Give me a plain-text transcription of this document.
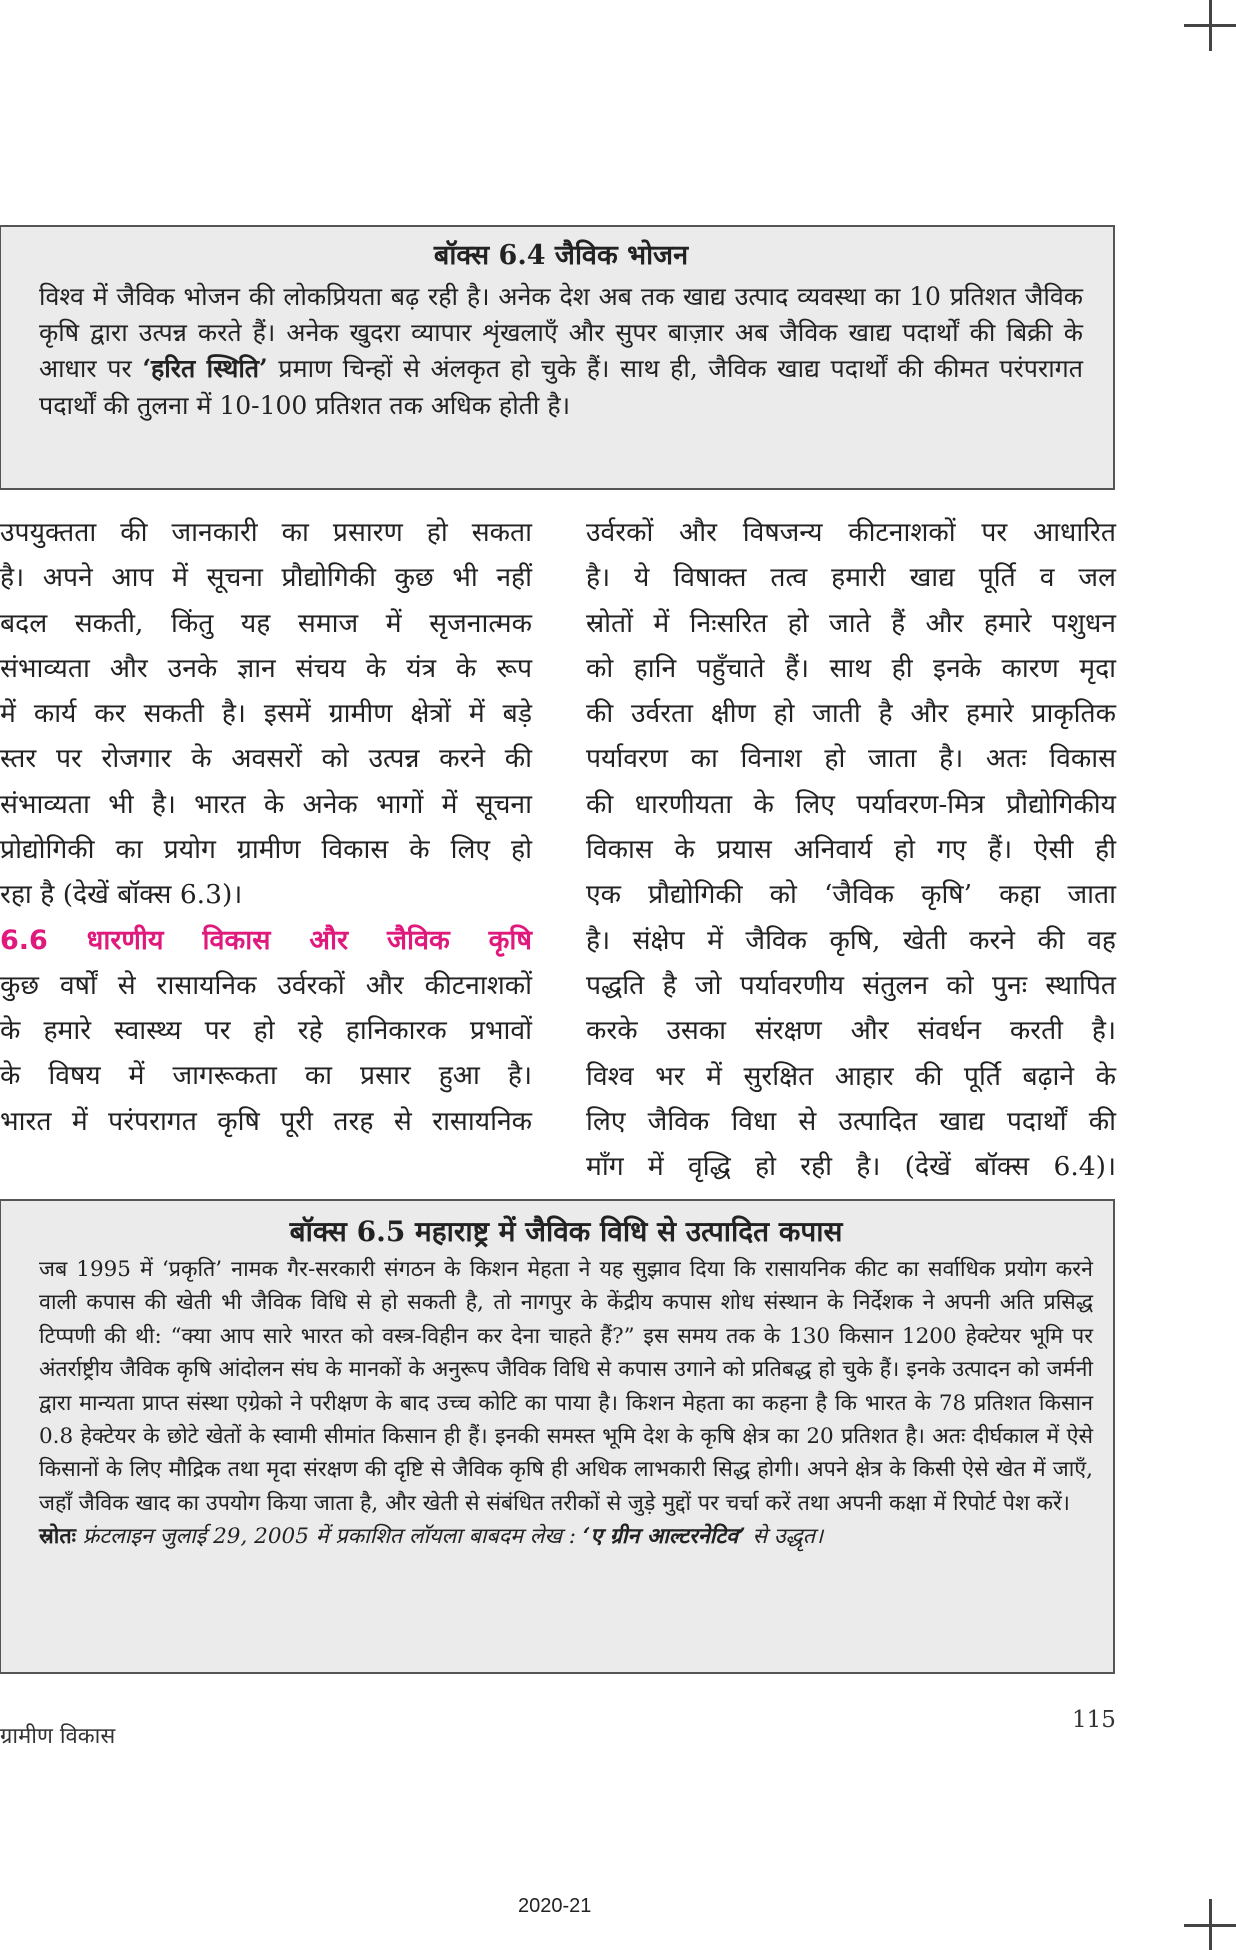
बॉक्स 6.4 जैविक भोजन
विश्व में जैविक भोजन की लोकप्रियता बढ़ रही है। अनेक देश अब तक खाद्य उत्पाद व्यवस्था का 10 प्रतिशत जैविक कृषि द्वारा उत्पन्न करते हैं। अनेक खुदरा व्यापार शृंखलाएँ और सुपर बाज़ार अब जैविक खाद्य पदार्थों की बिक्री के आधार पर ‘हरित स्थिति’ प्रमाण चिन्हों से अंलकृत हो चुके हैं। साथ ही, जैविक खाद्य पदार्थों की कीमत परंपरागत पदार्थों की तुलना में 10-100 प्रतिशत तक अधिक होती है।
उपयुक्तता की जानकारी का प्रसारण हो सकता
है। अपने आप में सूचना प्रौद्योगिकी कुछ भी नहीं
बदल सकती, किंतु यह समाज में सृजनात्मक
संभाव्यता और उनके ज्ञान संचय के यंत्र के रूप
में कार्य कर सकती है। इसमें ग्रामीण क्षेत्रों में बड़े
स्तर पर रोजगार के अवसरों को उत्पन्न करने की
संभाव्यता भी है। भारत के अनेक भागों में सूचना
प्रोद्योगिकी का प्रयोग ग्रामीण विकास के लिए हो
रहा है (देखें बॉक्स 6.3)।
6.6 धारणीय विकास और जैविक कृषि
कुछ वर्षों से रासायनिक उर्वरकों और कीटनाशकों
के हमारे स्वास्थ्य पर हो रहे हानिकारक प्रभावों
के विषय में जागरूकता का प्रसार हुआ है।
भारत में परंपरागत कृषि पूरी तरह से रासायनिक
उर्वरकों और विषजन्य कीटनाशकों पर आधारित
है। ये विषाक्त तत्व हमारी खाद्य पूर्ति व जल
स्रोतों में निःसरित हो जाते हैं और हमारे पशुधन
को हानि पहुँचाते हैं। साथ ही इनके कारण मृदा
की उर्वरता क्षीण हो जाती है और हमारे प्राकृतिक
पर्यावरण का विनाश हो जाता है। अतः विकास
की धारणीयता के लिए पर्यावरण-मित्र प्रौद्योगिकीय
विकास के प्रयास अनिवार्य हो गए हैं। ऐसी ही
एक प्रौद्योगिकी को ‘जैविक कृषि’ कहा जाता
है। संक्षेप में जैविक कृषि, खेती करने की वह
पद्धति है जो पर्यावरणीय संतुलन को पुनः स्थापित
करके उसका संरक्षण और संवर्धन करती है।
विश्व भर में सुरक्षित आहार की पूर्ति बढ़ाने के
लिए जैविक विधा से उत्पादित खाद्य पदार्थों की
माँग में वृद्धि हो रही है। (देखें बॉक्स 6.4)।
बॉक्स 6.5 महाराष्ट्र में जैविक विधि से उत्पादित कपास
जब 1995 में ‘प्रकृति’ नामक गैर-सरकारी संगठन के किशन मेहता ने यह सुझाव दिया कि रासायनिक कीट का सर्वाधिक प्रयोग करने वाली कपास की खेती भी जैविक विधि से हो सकती है, तो नागपुर के केंद्रीय कपास शोध संस्थान के निर्देशक ने अपनी अति प्रसिद्ध टिप्पणी की थी: “क्या आप सारे भारत को वस्त्र-विहीन कर देना चाहते हैं?” इस समय तक के 130 किसान 1200 हेक्टेयर भूमि पर अंतर्राष्ट्रीय जैविक कृषि आंदोलन संघ के मानकों के अनुरूप जैविक विधि से कपास उगाने को प्रतिबद्ध हो चुके हैं। इनके उत्पादन को जर्मनी द्वारा मान्यता प्राप्त संस्था एग्रेको ने परीक्षण के बाद उच्च कोटि का पाया है। किशन मेहता का कहना है कि भारत के 78 प्रतिशत किसान 0.8 हेक्टेयर के छोटे खेतों के स्वामी सीमांत किसान ही हैं। इनकी समस्त भूमि देश के कृषि क्षेत्र का 20 प्रतिशत है। अतः दीर्घकाल में ऐसे किसानों के लिए मौद्रिक तथा मृदा संरक्षण की दृष्टि से जैविक कृषि ही अधिक लाभकारी सिद्ध होगी। अपने क्षेत्र के किसी ऐसे खेत में जाएँ, जहाँ जैविक खाद का उपयोग किया जाता है, और खेती से संबंधित तरीकों से जुड़े मुद्दों पर चर्चा करें तथा अपनी कक्षा में रिपोर्ट पेश करें।
स्रोतः फ्रंटलाइन जुलाई 29, 2005 में प्रकाशित लॉयला बाबदम लेख : ‘ए ग्रीन आल्टरनेटिव’ से उद्धृत।
ग्रामीण विकास
115
2020-21
